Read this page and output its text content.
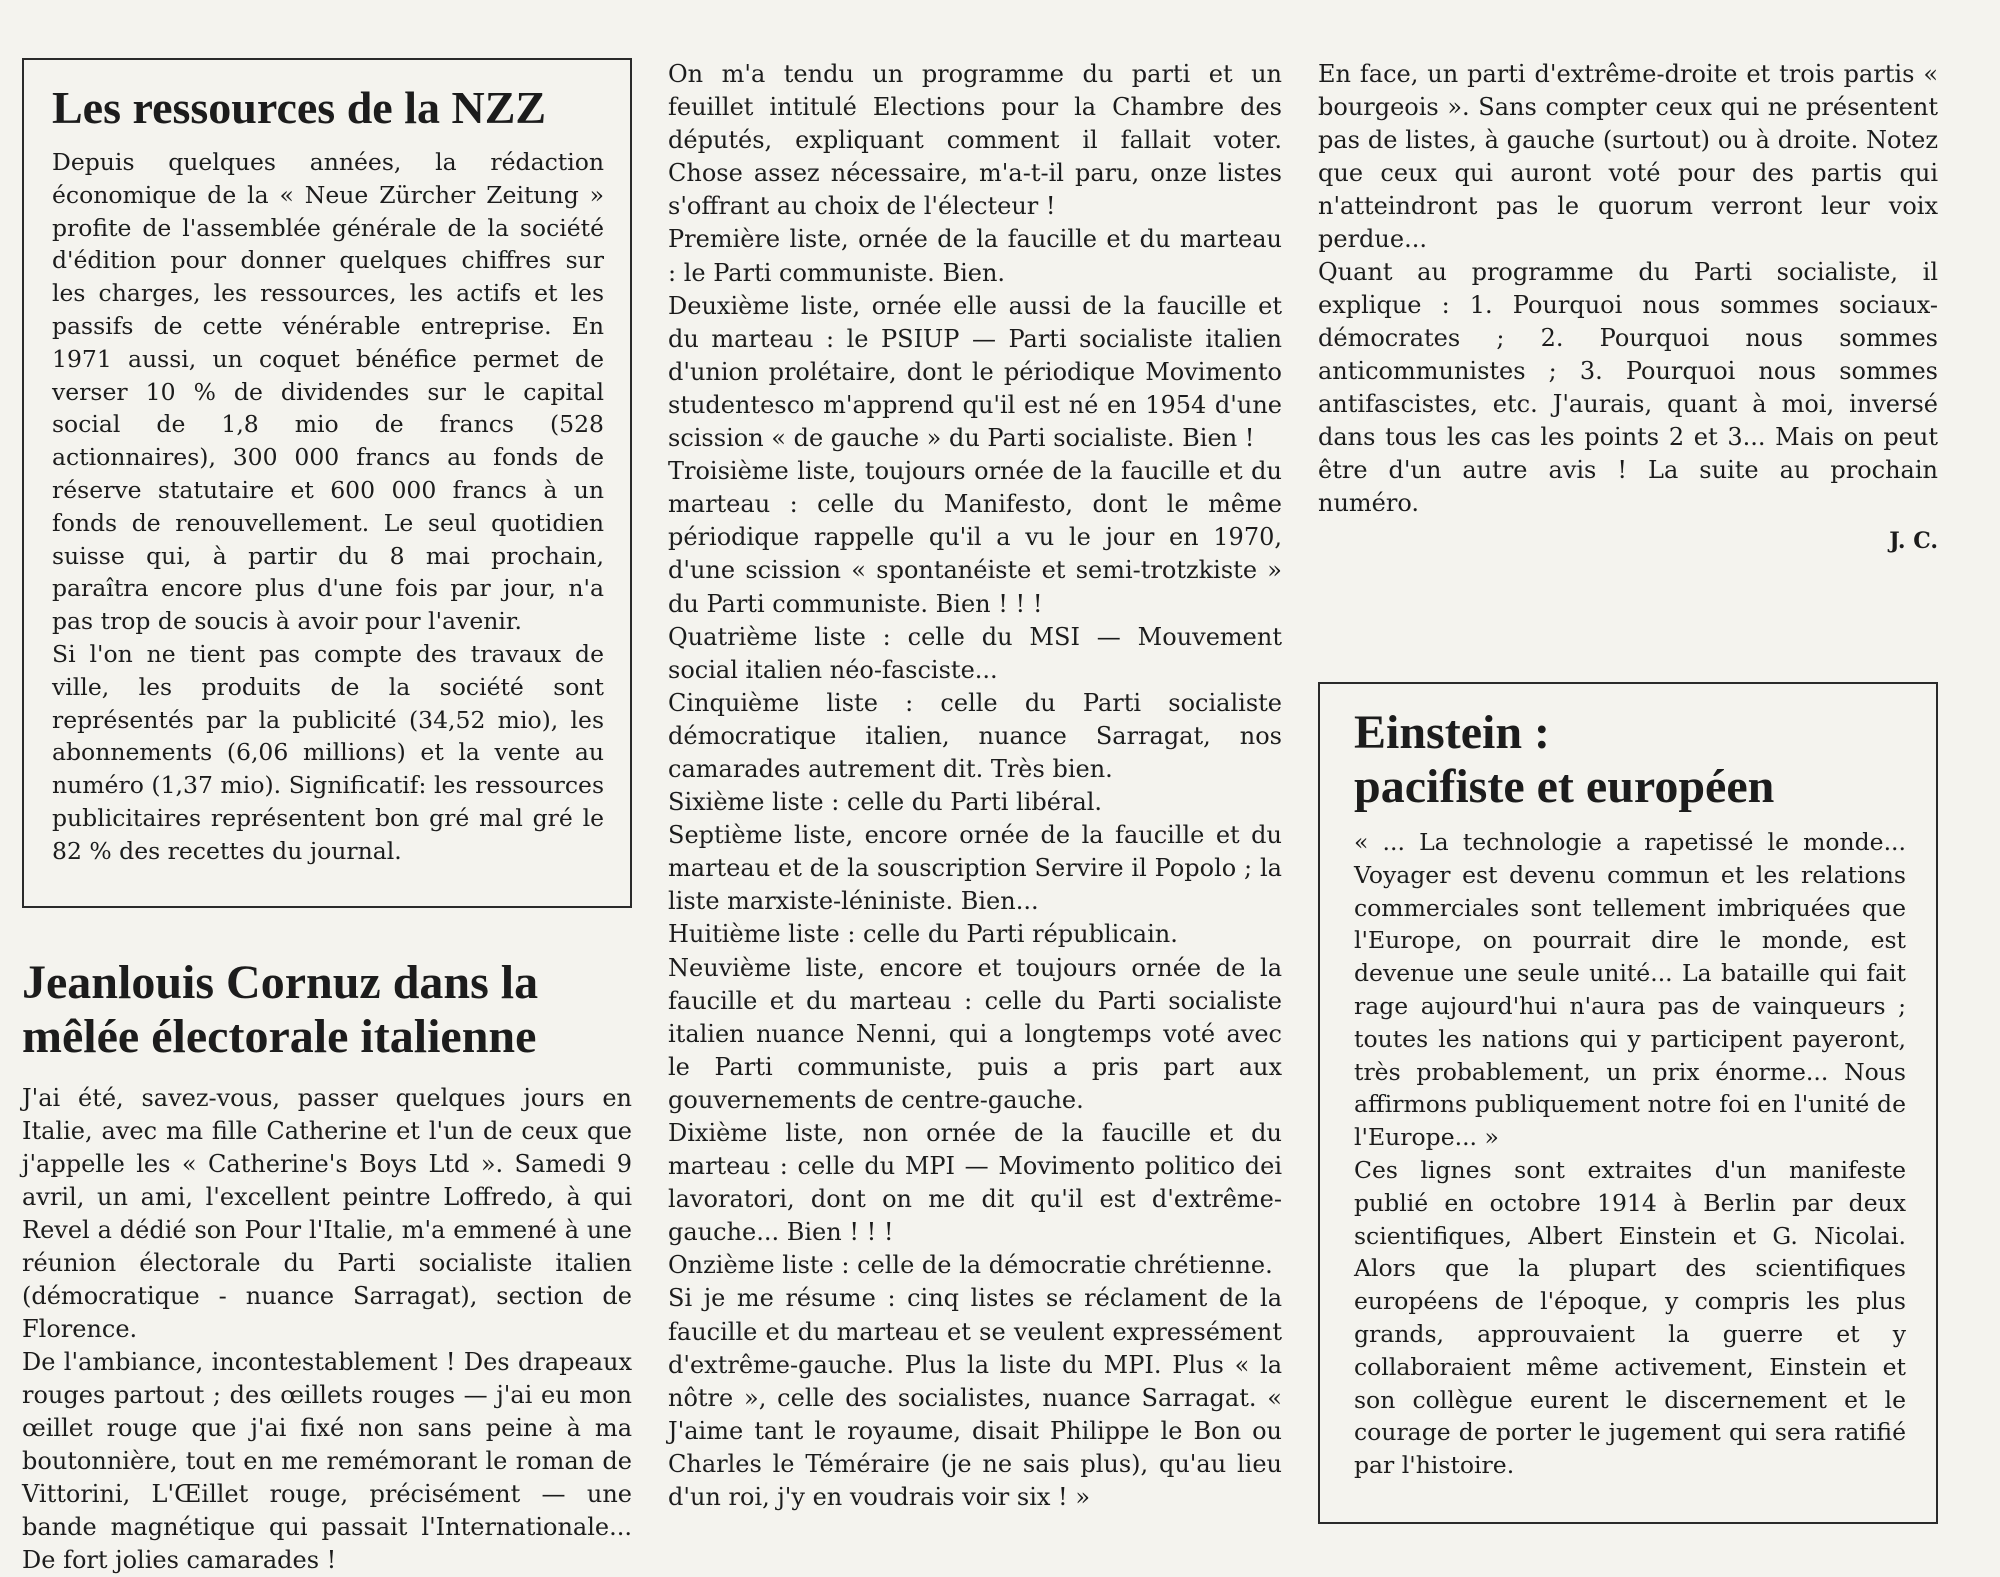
Les ressources de la NZZ

Depuis quelques années, la rédaction économique de la « Neue Zürcher Zeitung » profite de l'assemblée générale de la société d'édition pour donner quelques chiffres sur les charges, les ressources, les actifs et les passifs de cette vénérable entreprise. En 1971 aussi, un coquet bénéfice permet de verser 10 % de dividendes sur le capital social de 1,8 mio de francs (528 actionnaires), 300 000 francs au fonds de réserve statutaire et 600 000 francs à un fonds de renouvellement. Le seul quotidien suisse qui, à partir du 8 mai prochain, paraîtra encore plus d'une fois par jour, n'a pas trop de soucis à avoir pour l'avenir.

Si l'on ne tient pas compte des travaux de ville, les produits de la société sont représentés par la publicité (34,52 mio), les abonnements (6,06 millions) et la vente au numéro (1,37 mio). Significatif: les ressources publicitaires représentent bon gré mal gré le 82 % des recettes du journal.

Jeanlouis Cornuz dans la mêlée électorale italienne

J'ai été, savez-vous, passer quelques jours en Italie, avec ma fille Catherine et l'un de ceux que j'appelle les « Catherine's Boys Ltd ». Samedi 9 avril, un ami, l'excellent peintre Loffredo, à qui Revel a dédié son Pour l'Italie, m'a emmené à une réunion électorale du Parti socialiste italien (démocratique - nuance Sarragat), section de Florence.

De l'ambiance, incontestablement ! Des drapeaux rouges partout ; des œillets rouges — j'ai eu mon œillet rouge que j'ai fixé non sans peine à ma boutonnière, tout en me remémorant le roman de Vittorini, L'Œillet rouge, précisément — une bande magnétique qui passait l'Internationale... De fort jolies camarades !

On m'a tendu un programme du parti et un feuillet intitulé Elections pour la Chambre des députés, expliquant comment il fallait voter. Chose assez nécessaire, m'a-t-il paru, onze listes s'offrant au choix de l'électeur !

Première liste, ornée de la faucille et du marteau : le Parti communiste. Bien.

Deuxième liste, ornée elle aussi de la faucille et du marteau : le PSIUP — Parti socialiste italien d'union prolétaire, dont le périodique Movimento studentesco m'apprend qu'il est né en 1954 d'une scission « de gauche » du Parti socialiste. Bien !

Troisième liste, toujours ornée de la faucille et du marteau : celle du Manifesto, dont le même périodique rappelle qu'il a vu le jour en 1970, d'une scission « spontanéiste et semi-trotzkiste » du Parti communiste. Bien ! ! !

Quatrième liste : celle du MSI — Mouvement social italien néo-fasciste...

Cinquième liste : celle du Parti socialiste démocratique italien, nuance Sarragat, nos camarades autrement dit. Très bien.

Sixième liste : celle du Parti libéral.

Septième liste, encore ornée de la faucille et du marteau et de la souscription Servire il Popolo ; la liste marxiste-léniniste. Bien...

Huitième liste : celle du Parti républicain.

Neuvième liste, encore et toujours ornée de la faucille et du marteau : celle du Parti socialiste italien nuance Nenni, qui a longtemps voté avec le Parti communiste, puis a pris part aux gouvernements de centre-gauche.

Dixième liste, non ornée de la faucille et du marteau : celle du MPI — Movimento politico dei lavoratori, dont on me dit qu'il est d'extrême-gauche... Bien ! ! !

Onzième liste : celle de la démocratie chrétienne.

Si je me résume : cinq listes se réclament de la faucille et du marteau et se veulent expressément d'extrême-gauche. Plus la liste du MPI. Plus « la nôtre », celle des socialistes, nuance Sarragat. « J'aime tant le royaume, disait Philippe le Bon ou Charles le Téméraire (je ne sais plus), qu'au lieu d'un roi, j'y en voudrais voir six ! »

En face, un parti d'extrême-droite et trois partis « bourgeois ». Sans compter ceux qui ne présentent pas de listes, à gauche (surtout) ou à droite. Notez que ceux qui auront voté pour des partis qui n'atteindront pas le quorum verront leur voix perdue...

Quant au programme du Parti socialiste, il explique : 1. Pourquoi nous sommes sociaux-démocrates ; 2. Pourquoi nous sommes anticommunistes ; 3. Pourquoi nous sommes antifascistes, etc. J'aurais, quant à moi, inversé dans tous les cas les points 2 et 3... Mais on peut être d'un autre avis ! La suite au prochain numéro.

J. C.

Einstein :
pacifiste et européen

« ... La technologie a rapetissé le monde... Voyager est devenu commun et les relations commerciales sont tellement imbriquées que l'Europe, on pourrait dire le monde, est devenue une seule unité... La bataille qui fait rage aujourd'hui n'aura pas de vainqueurs ; toutes les nations qui y participent payeront, très probablement, un prix énorme... Nous affirmons publiquement notre foi en l'unité de l'Europe... »

Ces lignes sont extraites d'un manifeste publié en octobre 1914 à Berlin par deux scientifiques, Albert Einstein et G. Nicolai. Alors que la plupart des scientifiques européens de l'époque, y compris les plus grands, approuvaient la guerre et y collaboraient même activement, Einstein et son collègue eurent le discernement et le courage de porter le jugement qui sera ratifié par l'histoire.
